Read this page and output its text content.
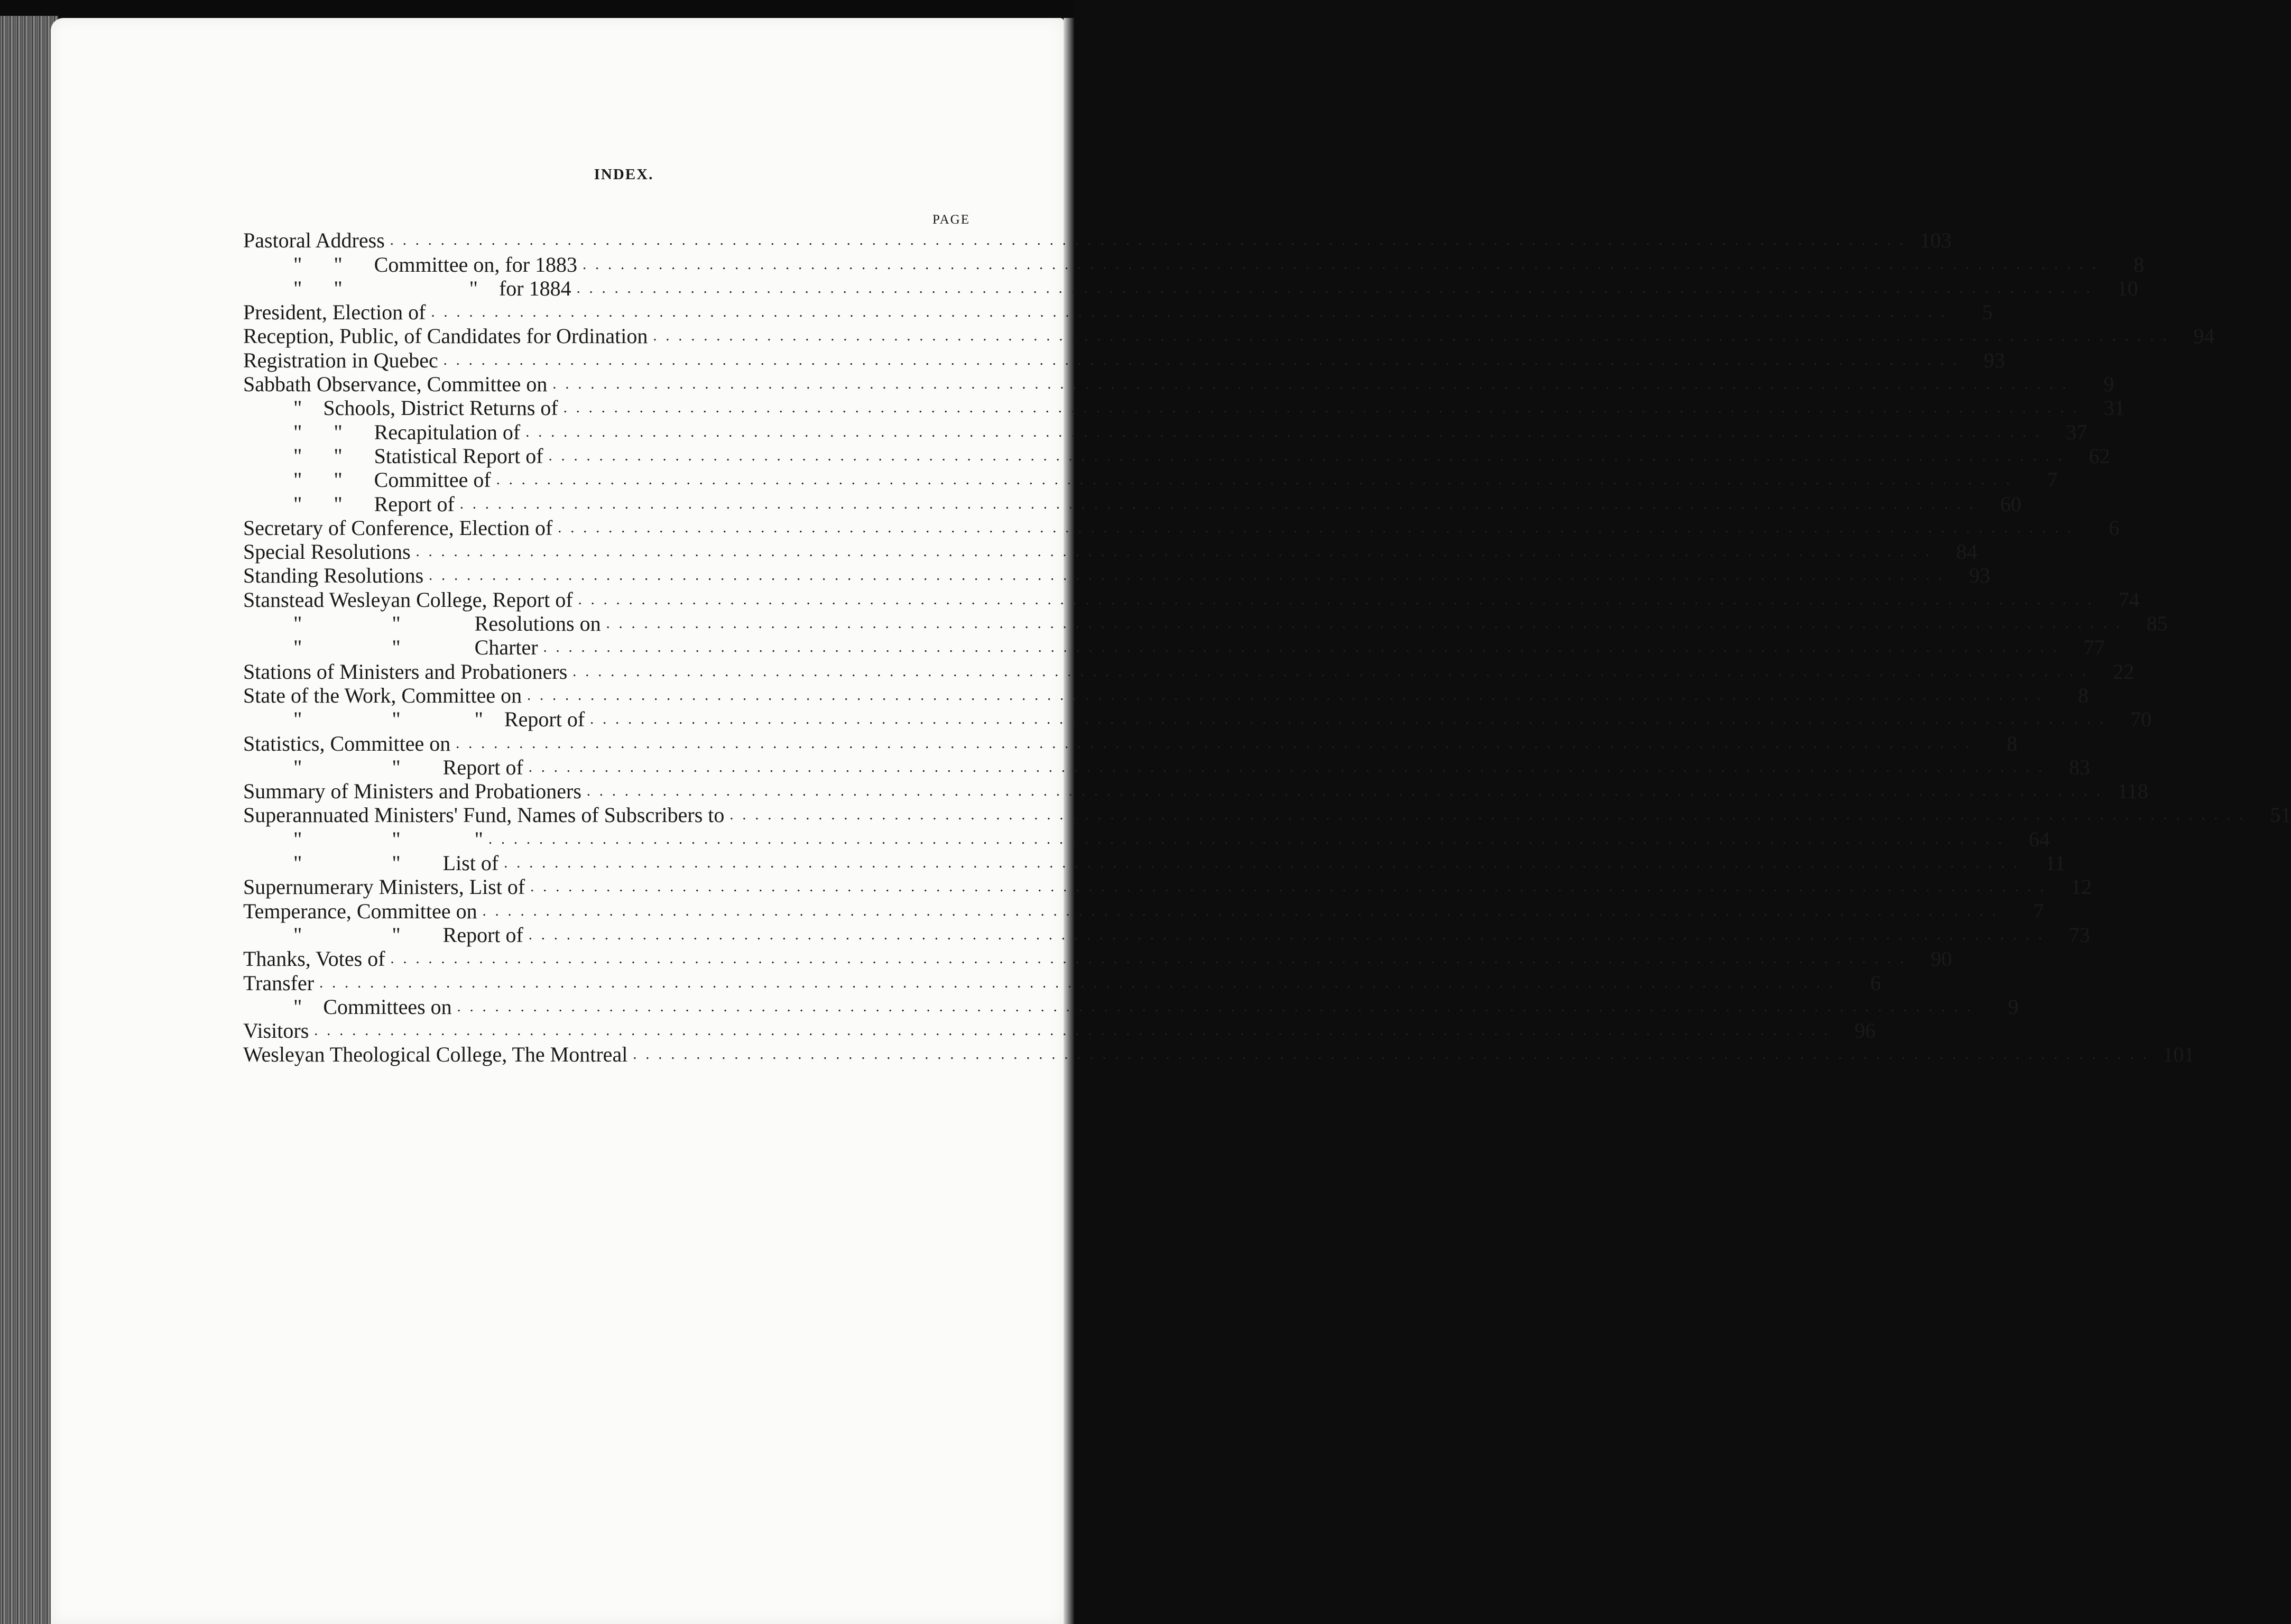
INDEX.
PAGE
Pastoral Address . . . . . . . . . . . . . . . . . . . . . . . . . . . . . . . . . . . . . . . . . . . . . . . . . . . . . . . . . . . . . . . . . . . . . . . . . . . . . . . . . . . . . . . . . . . . . . . . . . . . . . . . . . . . . . . . . . . . . . . . 103
"      "      Committee on, for 1883 . . . . . . . . . . . . . . . . . . . . . . . . . . . . . . . . . . . . . . . . . . . . . . . . . . . . . . . . . . . . . . . . . . . . . . . . . . . . . . . . . . . . . . . . . . . . . . . . . . . . . . . . . . . . . . . . . . . . . . . .	8
"      "                        "    for 1884 . . . . . . . . . . . . . . . . . . . . . . . . . . . . . . . . . . . . . . . . . . . . . . . . . . . . . . . . . . . . . . . . . . . . . . . . . . . . . . . . . . . . . . . . . . . . . . . . . . . . . . . . . . . . . . . . . . . . . . . .	10
President, Election of . . . . . . . . . . . . . . . . . . . . . . . . . . . . . . . . . . . . . . . . . . . . . . . . . . . . . . . . . . . . . . . . . . . . . . . . . . . . . . . . . . . . . . . . . . . . . . . . . . . . . . . . . . . . . . . . . . . . . . . .	5
Reception, Public, of Candidates for Ordination . . . . . . . . . . . . . . . . . . . . . . . . . . . . . . . . . . . . . . . . . . . . . . . . . . . . . . . . . . . . . . . . . . . . . . . . . . . . . . . . . . . . . . . . . . . . . . . . . . . . . . . . . . . . . . . . . . . . . . . .	94
Registration in Quebec . . . . . . . . . . . . . . . . . . . . . . . . . . . . . . . . . . . . . . . . . . . . . . . . . . . . . . . . . . . . . . . . . . . . . . . . . . . . . . . . . . . . . . . . . . . . . . . . . . . . . . . . . . . . . . . . . . . . . . . .	93
Sabbath Observance, Committee on . . . . . . . . . . . . . . . . . . . . . . . . . . . . . . . . . . . . . . . . . . . . . . . . . . . . . . . . . . . . . . . . . . . . . . . . . . . . . . . . . . . . . . . . . . . . . . . . . . . . . . . . . . . . . . . . . . . . . . . .	9
"    Schools, District Returns of . . . . . . . . . . . . . . . . . . . . . . . . . . . . . . . . . . . . . . . . . . . . . . . . . . . . . . . . . . . . . . . . . . . . . . . . . . . . . . . . . . . . . . . . . . . . . . . . . . . . . . . . . . . . . . . . . . . . . . . .	31
"      "      Recapitulation of . . . . . . . . . . . . . . . . . . . . . . . . . . . . . . . . . . . . . . . . . . . . . . . . . . . . . . . . . . . . . . . . . . . . . . . . . . . . . . . . . . . . . . . . . . . . . . . . . . . . . . . . . . . . . . . . . . . . . . . .	37
"      "      Statistical Report of . . . . . . . . . . . . . . . . . . . . . . . . . . . . . . . . . . . . . . . . . . . . . . . . . . . . . . . . . . . . . . . . . . . . . . . . . . . . . . . . . . . . . . . . . . . . . . . . . . . . . . . . . . . . . . . . . . . . . . . .	62
"      "      Committee of . . . . . . . . . . . . . . . . . . . . . . . . . . . . . . . . . . . . . . . . . . . . . . . . . . . . . . . . . . . . . . . . . . . . . . . . . . . . . . . . . . . . . . . . . . . . . . . . . . . . . . . . . . . . . . . . . . . . . . . .	7
"      "      Report of . . . . . . . . . . . . . . . . . . . . . . . . . . . . . . . . . . . . . . . . . . . . . . . . . . . . . . . . . . . . . . . . . . . . . . . . . . . . . . . . . . . . . . . . . . . . . . . . . . . . . . . . . . . . . . . . . . . . . . . .	60
Secretary of Conference, Election of . . . . . . . . . . . . . . . . . . . . . . . . . . . . . . . . . . . . . . . . . . . . . . . . . . . . . . . . . . . . . . . . . . . . . . . . . . . . . . . . . . . . . . . . . . . . . . . . . . . . . . . . . . . . . . . . . . . . . . . .	6
Special Resolutions . . . . . . . . . . . . . . . . . . . . . . . . . . . . . . . . . . . . . . . . . . . . . . . . . . . . . . . . . . . . . . . . . . . . . . . . . . . . . . . . . . . . . . . . . . . . . . . . . . . . . . . . . . . . . . . . . . . . . . . .	84
Standing Resolutions . . . . . . . . . . . . . . . . . . . . . . . . . . . . . . . . . . . . . . . . . . . . . . . . . . . . . . . . . . . . . . . . . . . . . . . . . . . . . . . . . . . . . . . . . . . . . . . . . . . . . . . . . . . . . . . . . . . . . . . .	93
Stanstead Wesleyan College, Report of . . . . . . . . . . . . . . . . . . . . . . . . . . . . . . . . . . . . . . . . . . . . . . . . . . . . . . . . . . . . . . . . . . . . . . . . . . . . . . . . . . . . . . . . . . . . . . . . . . . . . . . . . . . . . . . . . . . . . . . .	74
"                 "              Resolutions on . . . . . . . . . . . . . . . . . . . . . . . . . . . . . . . . . . . . . . . . . . . . . . . . . . . . . . . . . . . . . . . . . . . . . . . . . . . . . . . . . . . . . . . . . . . . . . . . . . . . . . . . . . . . . . . . . . . . . . . .	85
"                 "              Charter . . . . . . . . . . . . . . . . . . . . . . . . . . . . . . . . . . . . . . . . . . . . . . . . . . . . . . . . . . . . . . . . . . . . . . . . . . . . . . . . . . . . . . . . . . . . . . . . . . . . . . . . . . . . . . . . . . . . . . . .	77
Stations of Ministers and Probationers . . . . . . . . . . . . . . . . . . . . . . . . . . . . . . . . . . . . . . . . . . . . . . . . . . . . . . . . . . . . . . . . . . . . . . . . . . . . . . . . . . . . . . . . . . . . . . . . . . . . . . . . . . . . . . . . . . . . . . . .	22
State of the Work, Committee on . . . . . . . . . . . . . . . . . . . . . . . . . . . . . . . . . . . . . . . . . . . . . . . . . . . . . . . . . . . . . . . . . . . . . . . . . . . . . . . . . . . . . . . . . . . . . . . . . . . . . . . . . . . . . . . . . . . . . . . .	8
"                 "              "    Report of . . . . . . . . . . . . . . . . . . . . . . . . . . . . . . . . . . . . . . . . . . . . . . . . . . . . . . . . . . . . . . . . . . . . . . . . . . . . . . . . . . . . . . . . . . . . . . . . . . . . . . . . . . . . . . . . . . . . . . . .	70
Statistics, Committee on . . . . . . . . . . . . . . . . . . . . . . . . . . . . . . . . . . . . . . . . . . . . . . . . . . . . . . . . . . . . . . . . . . . . . . . . . . . . . . . . . . . . . . . . . . . . . . . . . . . . . . . . . . . . . . . . . . . . . . . .	8
"                 "        Report of . . . . . . . . . . . . . . . . . . . . . . . . . . . . . . . . . . . . . . . . . . . . . . . . . . . . . . . . . . . . . . . . . . . . . . . . . . . . . . . . . . . . . . . . . . . . . . . . . . . . . . . . . . . . . . . . . . . . . . . .	83
Summary of Ministers and Probationers . . . . . . . . . . . . . . . . . . . . . . . . . . . . . . . . . . . . . . . . . . . . . . . . . . . . . . . . . . . . . . . . . . . . . . . . . . . . . . . . . . . . . . . . . . . . . . . . . . . . . . . . . . . . . . . . . . . . . . . . 118
Superannuated Ministers' Fund, Names of Subscribers to . . . . . . . . . . . . . . . . . . . . . . . . . . . . . . . . . . . . . . . . . . . . . . . . . . . . . . . . . . . . . . . . . . . . . . . . . . . . . . . . . . . . . . . . . . . . . . . . . . . . . . . . . . . . . . . . . . . . . . . .	51
"                 "              " . . . . . . . . . . . . . . . . . . . . . . . . . . . . . . . . . . . . . . . . . . . . . . . . . . . . . . . . . . . . . . . . . . . . . . . . . . . . . . . . . . . . . . . . . . . . . . . . . . . . . . . . . . . . . . . . . . . . . . . .	64
"                 "        List of . . . . . . . . . . . . . . . . . . . . . . . . . . . . . . . . . . . . . . . . . . . . . . . . . . . . . . . . . . . . . . . . . . . . . . . . . . . . . . . . . . . . . . . . . . . . . . . . . . . . . . . . . . . . . . . . . . . . . . . .	11
Supernumerary Ministers, List of . . . . . . . . . . . . . . . . . . . . . . . . . . . . . . . . . . . . . . . . . . . . . . . . . . . . . . . . . . . . . . . . . . . . . . . . . . . . . . . . . . . . . . . . . . . . . . . . . . . . . . . . . . . . . . . . . . . . . . . .	12
Temperance, Committee on . . . . . . . . . . . . . . . . . . . . . . . . . . . . . . . . . . . . . . . . . . . . . . . . . . . . . . . . . . . . . . . . . . . . . . . . . . . . . . . . . . . . . . . . . . . . . . . . . . . . . . . . . . . . . . . . . . . . . . . .	7
"                 "        Report of . . . . . . . . . . . . . . . . . . . . . . . . . . . . . . . . . . . . . . . . . . . . . . . . . . . . . . . . . . . . . . . . . . . . . . . . . . . . . . . . . . . . . . . . . . . . . . . . . . . . . . . . . . . . . . . . . . . . . . . .	73
Thanks, Votes of . . . . . . . . . . . . . . . . . . . . . . . . . . . . . . . . . . . . . . . . . . . . . . . . . . . . . . . . . . . . . . . . . . . . . . . . . . . . . . . . . . . . . . . . . . . . . . . . . . . . . . . . . . . . . . . . . . . . . . . .	90
Transfer . . . . . . . . . . . . . . . . . . . . . . . . . . . . . . . . . . . . . . . . . . . . . . . . . . . . . . . . . . . . . . . . . . . . . . . . . . . . . . . . . . . . . . . . . . . . . . . . . . . . . . . . . . . . . . . . . . . . . . . .	6
"    Committees on . . . . . . . . . . . . . . . . . . . . . . . . . . . . . . . . . . . . . . . . . . . . . . . . . . . . . . . . . . . . . . . . . . . . . . . . . . . . . . . . . . . . . . . . . . . . . . . . . . . . . . . . . . . . . . . . . . . . . . . .	9
Visitors . . . . . . . . . . . . . . . . . . . . . . . . . . . . . . . . . . . . . . . . . . . . . . . . . . . . . . . . . . . . . . . . . . . . . . . . . . . . . . . . . . . . . . . . . . . . . . . . . . . . . . . . . . . . . . . . . . . . . . . .	96
Wesleyan Theological College, The Montreal . . . . . . . . . . . . . . . . . . . . . . . . . . . . . . . . . . . . . . . . . . . . . . . . . . . . . . . . . . . . . . . . . . . . . . . . . . . . . . . . . . . . . . . . . . . . . . . . . . . . . . . . . . . . . . . . . . . . . . . . 101
